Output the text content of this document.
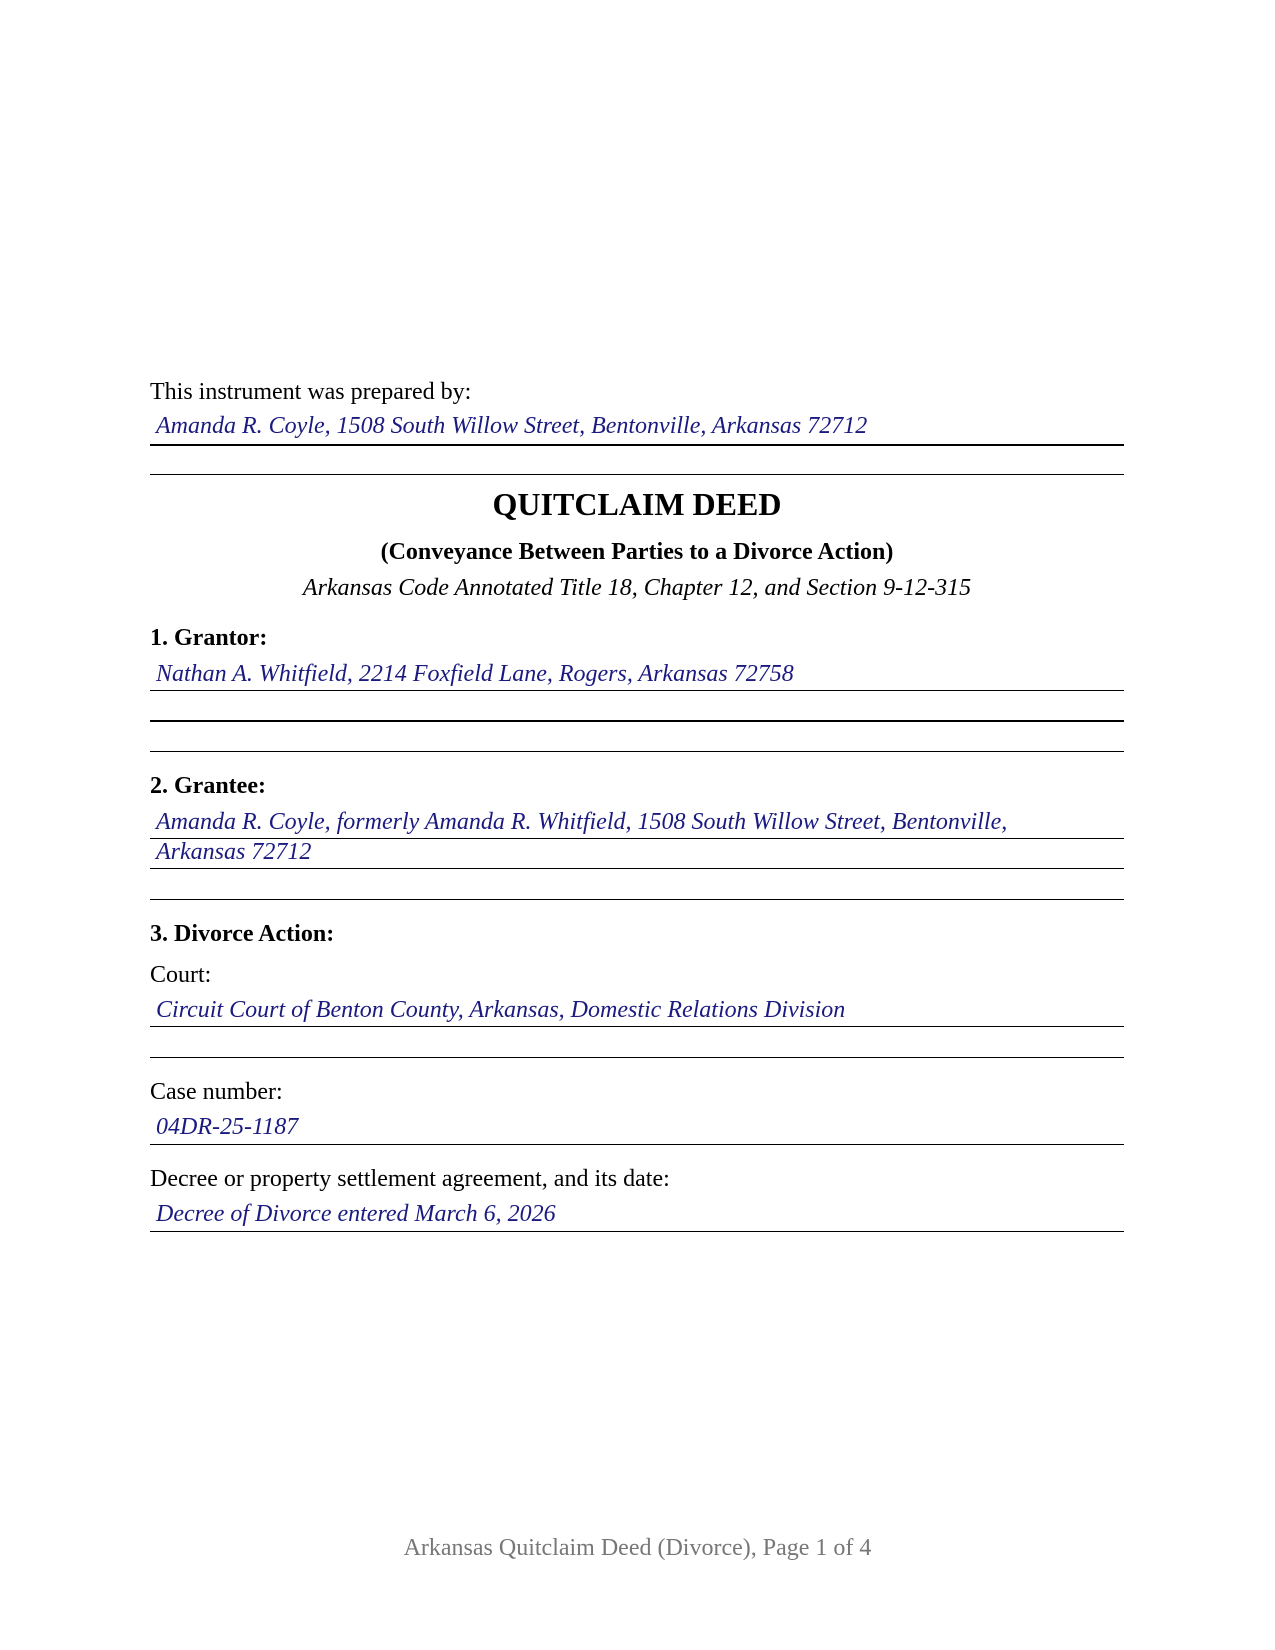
This instrument was prepared by:
Amanda R. Coyle, 1508 South Willow Street, Bentonville, Arkansas 72712
QUITCLAIM DEED
(Conveyance Between Parties to a Divorce Action)
Arkansas Code Annotated Title 18, Chapter 12, and Section 9-12-315
1. Grantor:
Nathan A. Whitfield, 2214 Foxfield Lane, Rogers, Arkansas 72758
2. Grantee:
Amanda R. Coyle, formerly Amanda R. Whitfield, 1508 South Willow Street, Bentonville,
Arkansas 72712
3. Divorce Action:
Court:
Circuit Court of Benton County, Arkansas, Domestic Relations Division
Case number:
04DR-25-1187
Decree or property settlement agreement, and its date:
Decree of Divorce entered March 6, 2026
Arkansas Quitclaim Deed (Divorce), Page 1 of 4
